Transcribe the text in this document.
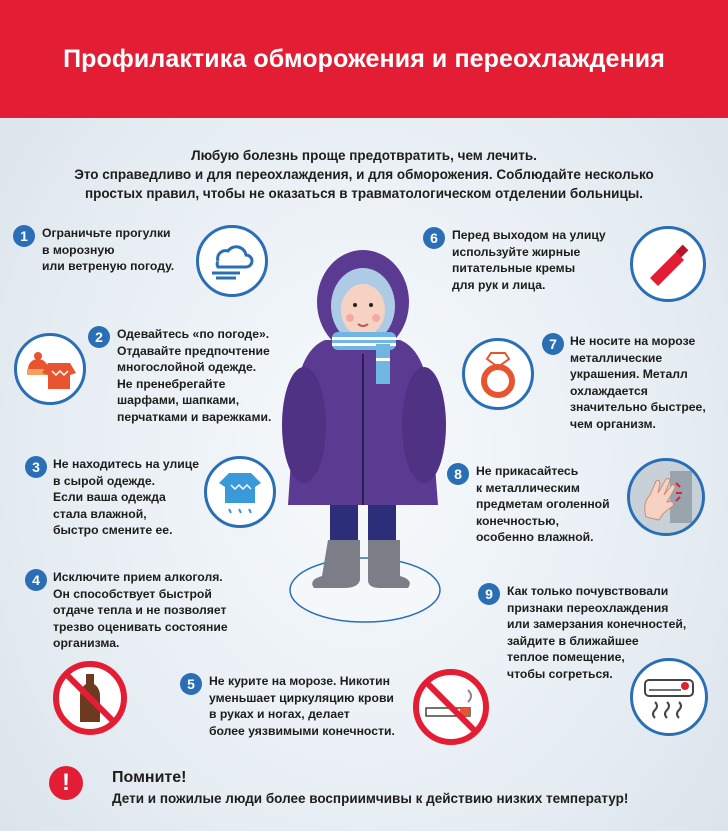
Профилактика обморожения и переохлаждения
Любую болезнь проще предотвратить, чем лечить.
Это справедливо и для переохлаждения, и для обморожения. Соблюдайте несколько
простых правил, чтобы не оказаться в травматологическом отделении больницы.
1	Ограничьте прогулки
в морозную
или ветреную погоду.
2	Одевайтесь «по погоде».
Отдавайте предпочтение
многослойной одежде.
Не пренебрегайте
шарфами, шапками,
перчатками и варежками.
3	Не находитесь на улице
в сырой одежде.
Если ваша одежда
стала влажной,
быстро смените ее.
4	Исключите прием алкоголя.
Он способствует быстрой
отдаче тепла и не позволяет
трезво оценивать состояние
организма.
5	Не курите на морозе. Никотин
уменьшает циркуляцию крови
в руках и ногах, делает
более уязвимыми конечности.
6	Перед выходом на улицу
используйте жирные
питательные кремы
для рук и лица.
7	Не носите на морозе
металлические
украшения. Металл
охлаждается
значительно быстрее,
чем организм.
8	Не прикасайтесь
к металлическим
предметам оголенной
конечностью,
особенно влажной.
9	Как только почувствовали
признаки переохлаждения
или замерзания конечностей,
зайдите в ближайшее
теплое помещение,
чтобы согреться.
!	Помните!
Дети и пожилые люди более восприимчивы к действию низких температур!
